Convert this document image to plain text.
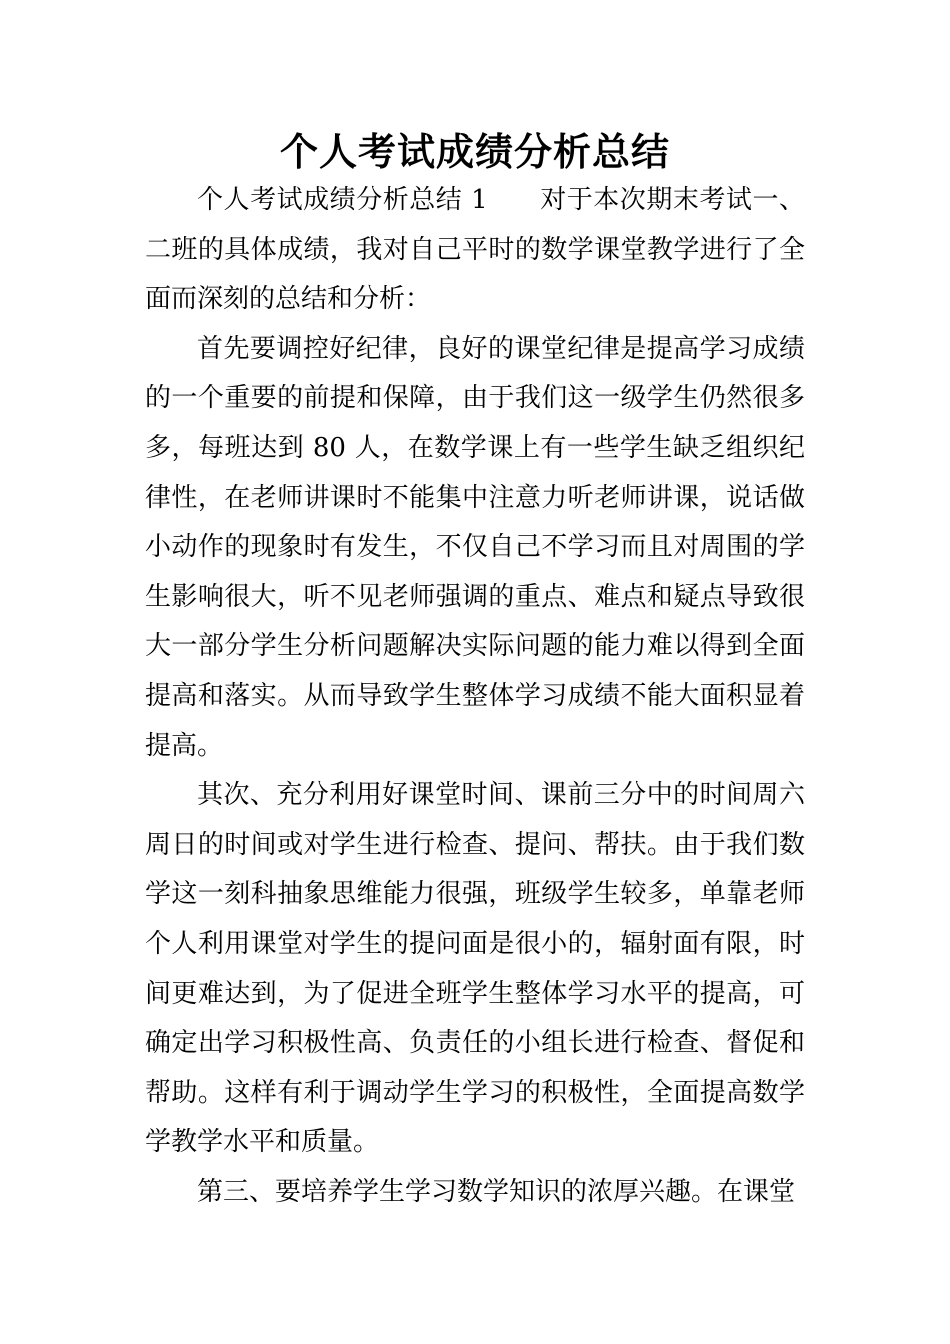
个人考试成绩分析总结

个人考试成绩分析总结 1 对于本次期末考试一、二班的具体成绩，我对自己平时的数学课堂教学进行了全面而深刻的总结和分析：

首先要调控好纪律，良好的课堂纪律是提高学习成绩的一个重要的前提和保障，由于我们这一级学生仍然很多多，每班达到 80 人，在数学课上有一些学生缺乏组织纪律性，在老师讲课时不能集中注意力听老师讲课，说话做小动作的现象时有发生，不仅自己不学习而且对周围的学生影响很大，听不见老师强调的重点、难点和疑点导致很大一部分学生分析问题解决实际问题的能力难以得到全面提高和落实。从而导致学生整体学习成绩不能大面积显着提高。

其次、充分利用好课堂时间、课前三分中的时间周六周日的时间或对学生进行检查、提问、帮扶。由于我们数学这一刻科抽象思维能力很强，班级学生较多，单靠老师个人利用课堂对学生的提问面是很小的，辐射面有限，时间更难达到，为了促进全班学生整体学习水平的提高，可确定出学习积极性高、负责任的小组长进行检查、督促和帮助。这样有利于调动学生学习的积极性，全面提高数学学教学水平和质量。

第三、要培养学生学习数学知识的浓厚兴趣。在课堂
